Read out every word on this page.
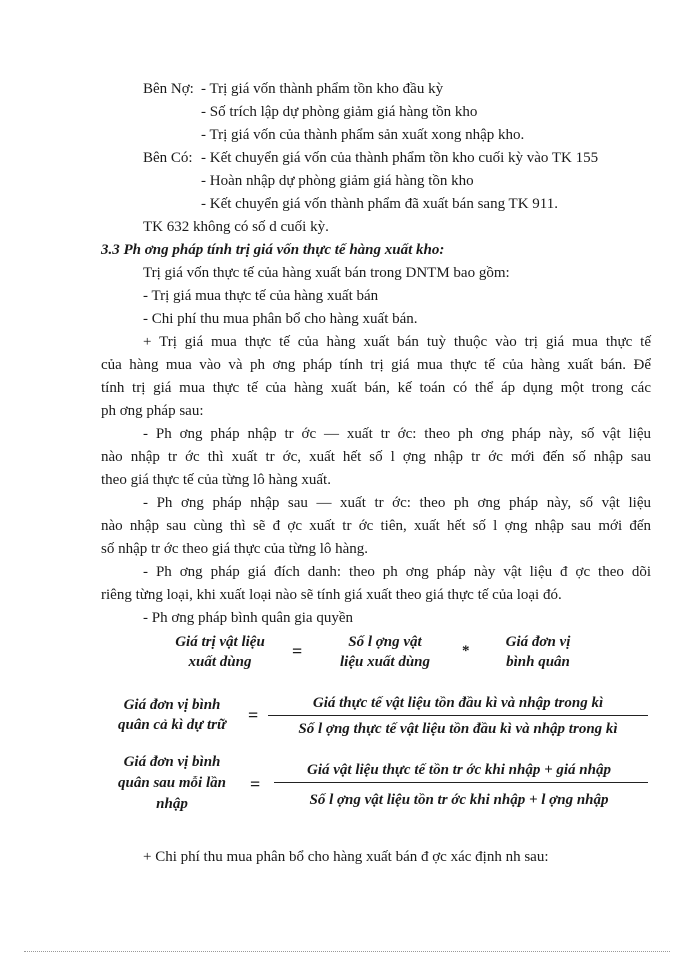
Bên Nợ: - Trị giá vốn thành phẩm tồn kho đầu kỳ
- Số trích lập dự phòng giảm giá hàng tồn kho
- Trị giá vốn của thành phẩm sản xuất xong nhập kho.
Bên Có: - Kết chuyển giá vốn của thành phẩm tồn kho cuối kỳ vào TK 155
- Hoàn nhập dự phòng giảm giá hàng tồn kho
- Kết chuyển giá vốn thành phẩm đã xuất bán sang TK 911.
TK 632 không có số d cuối kỳ.
3.3 Ph ơng pháp tính trị giá vốn thực tế hàng xuất kho:
Trị giá vốn thực tế của hàng xuất bán trong DNTM bao gồm:
- Trị giá mua thực tế của hàng xuất bán
- Chi phí thu mua phân bổ cho hàng xuất bán.
+ Trị giá mua thực tế của hàng xuất bán tuỳ thuộc vào trị giá mua thực tế
của hàng mua vào và ph ơng pháp tính trị giá mua thực tế của hàng xuất bán. Để
tính trị giá mua thực tế của hàng xuất bán, kế toán có thể áp dụng một trong các
ph ơng pháp sau:
- Ph ơng pháp nhập tr ớc — xuất tr ớc: theo ph ơng pháp này, số vật liệu
nào nhập tr ớc thì xuất tr ớc, xuất hết số l ợng nhập tr ớc mới đến số nhập sau
theo giá thực tế của từng lô hàng xuất.
- Ph ơng pháp nhập sau — xuất tr ớc: theo ph ơng pháp này, số vật liệu
nào nhập sau cùng thì sẽ đ ợc xuất tr ớc tiên, xuất hết số l ợng nhập sau mới đến
số nhập tr ớc theo giá thực của từng lô hàng.
- Ph ơng pháp giá đích danh: theo ph ơng pháp này vật liệu đ ợc theo dõi
riêng từng loại, khi xuất loại nào sẽ tính giá xuất theo giá thực tế của loại đó.
- Ph ơng pháp bình quân gia quyền
Giá trị vật liệu
xuất dùng
=	Số l ợng vật
liệu xuất dùng
*
Giá đơn vị
bình quân
Giá đơn vị bình
quân cả kì dự trữ	=
Giá thực tế vật liệu tồn đầu kì và nhập trong kì
Số l ợng thực tế vật liệu tồn đầu kì và nhập trong kì
Giá đơn vị bình
quân sau mỗi lần
nhập
=
Giá vật liệu thực tế tồn tr ớc khi nhập + giá nhập
Số l ợng vật liệu tồn tr ớc khi nhập + l ợng nhập
+ Chi phí thu mua phân bổ cho hàng xuất bán đ ợc xác định nh sau:
